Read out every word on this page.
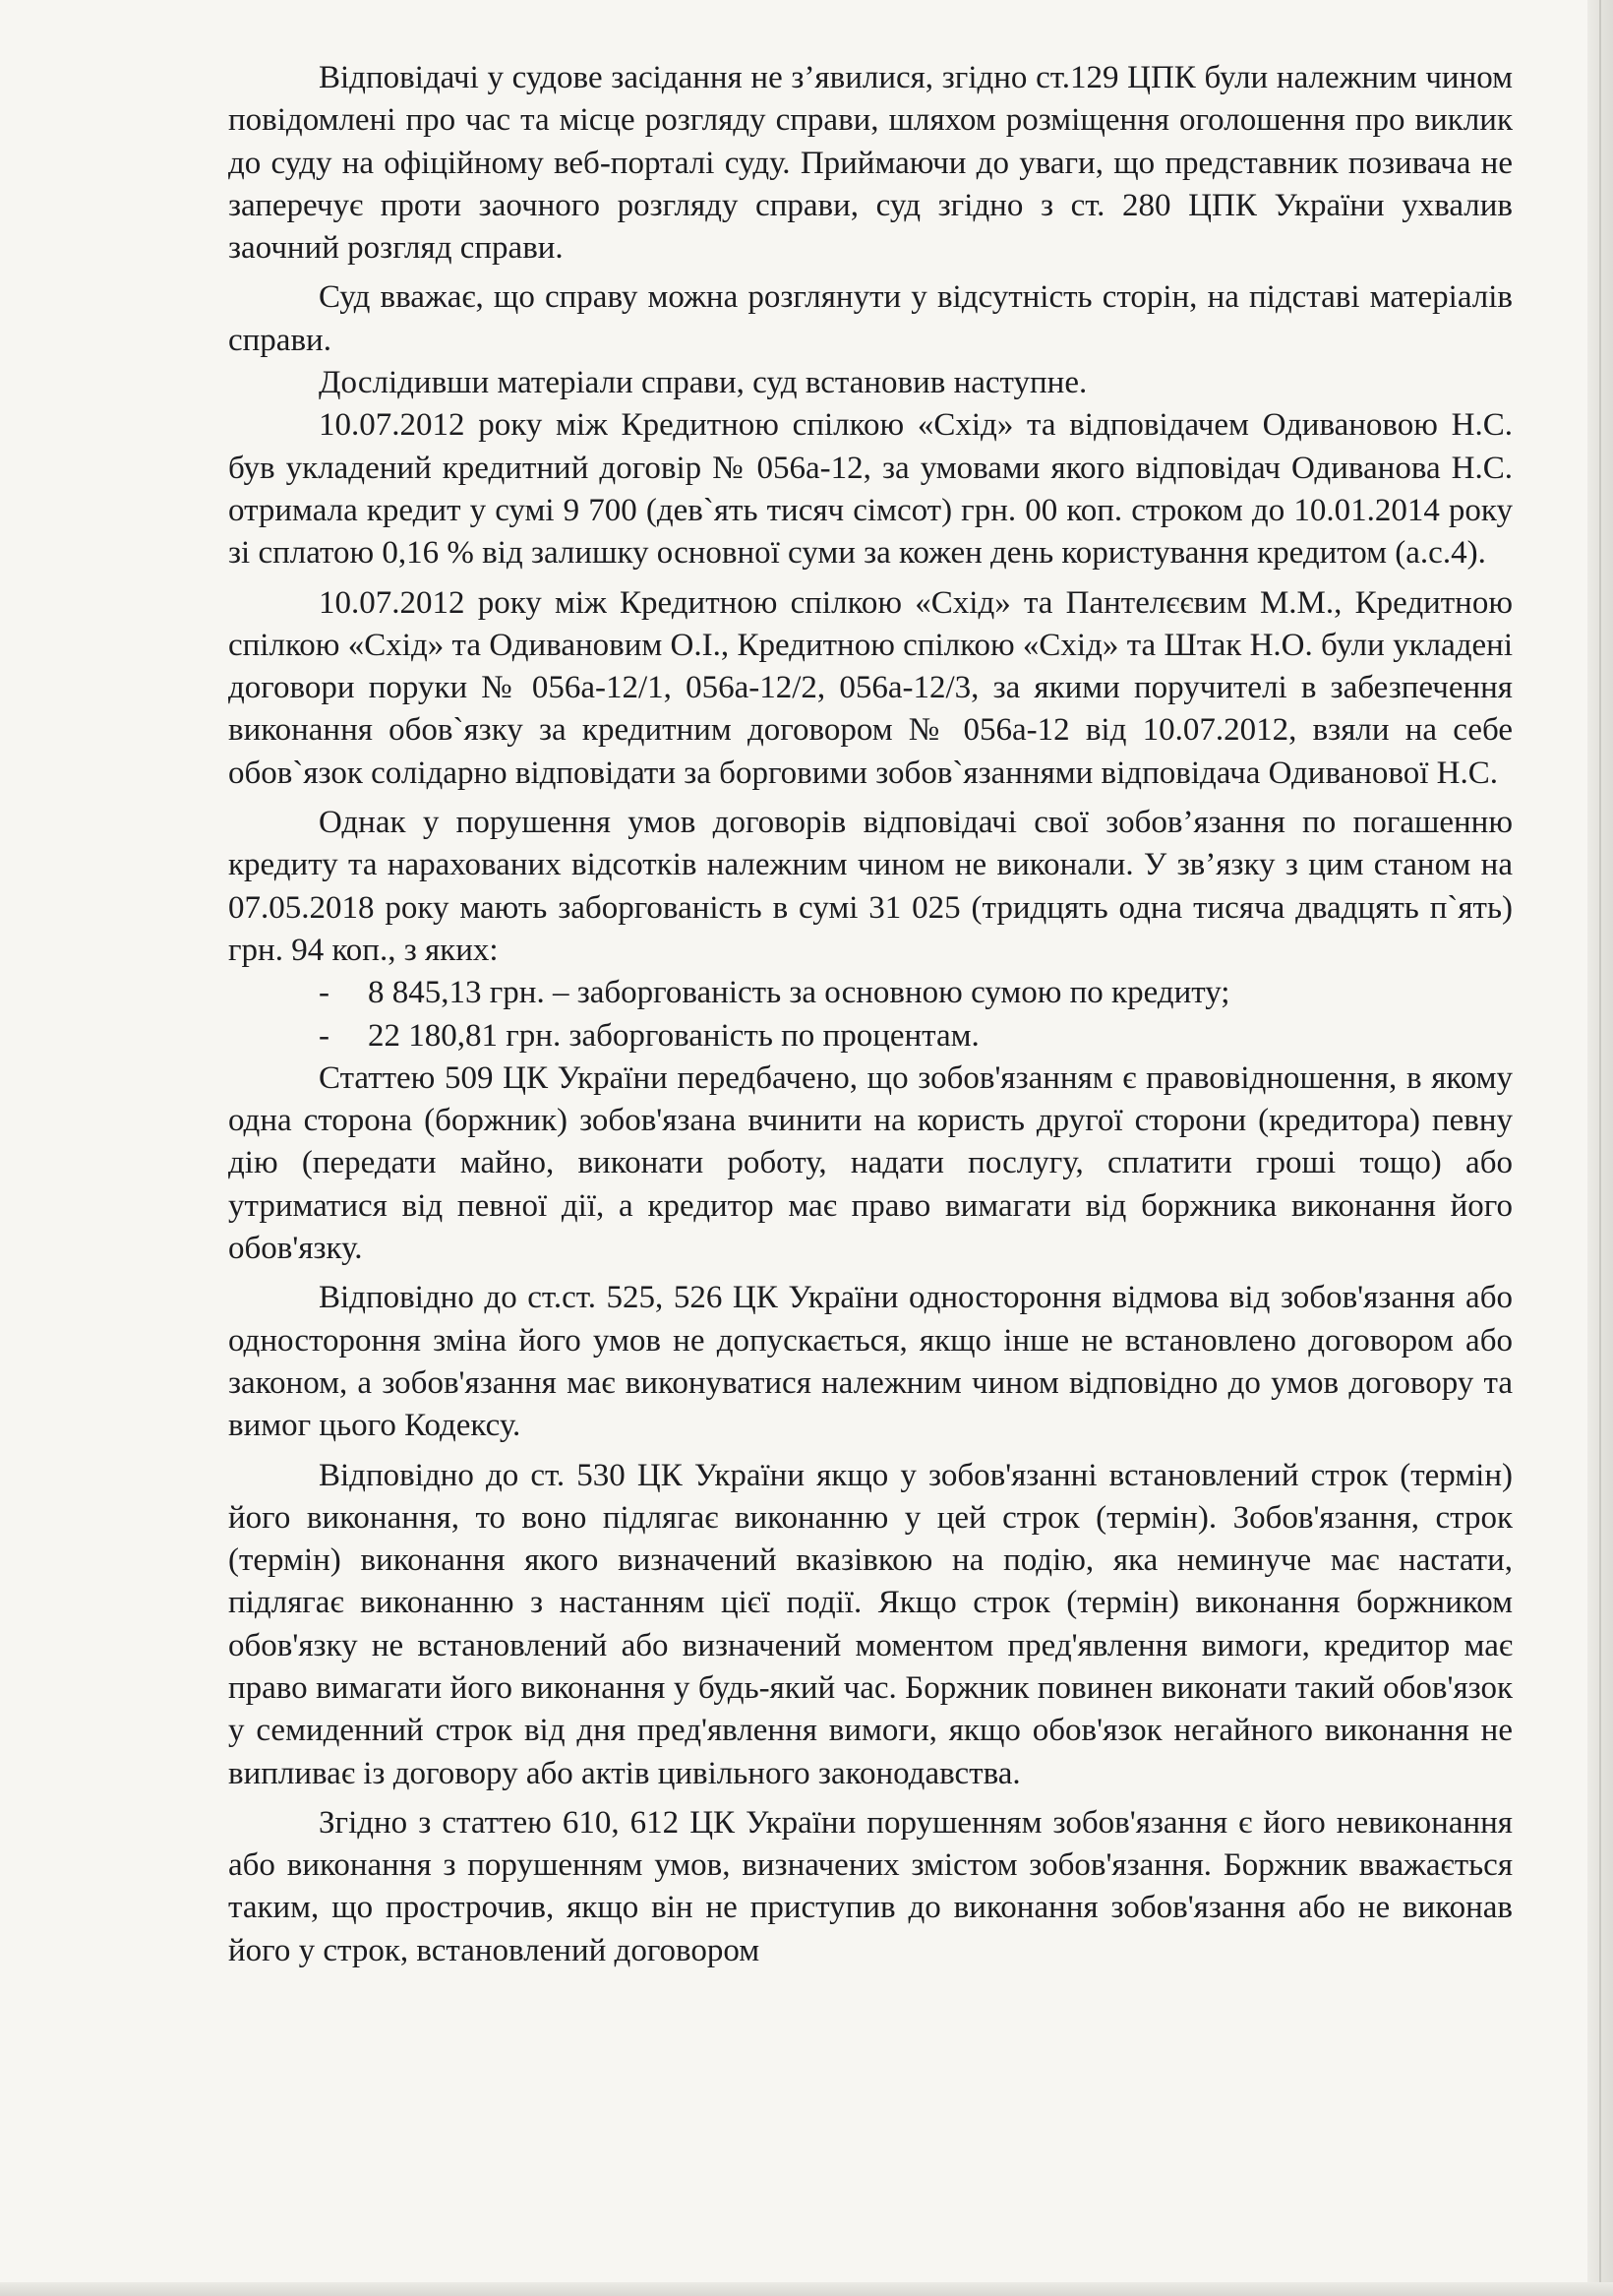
Відповідачі у судове засідання не з’явилися, згідно ст.129 ЦПК були належним чином повідомлені про час та місце розгляду справи, шляхом розміщення оголошення про виклик до суду на офіційному веб-порталі суду. Приймаючи до уваги, що представник позивача не заперечує проти заочного розгляду справи, суд згідно з ст. 280 ЦПК України ухвалив заочний розгляд справи.

Суд вважає, що справу можна розглянути у відсутність сторін, на підставі матеріалів справи.

Дослідивши матеріали справи, суд встановив наступне.

10.07.2012 року між Кредитною спілкою «Схід» та відповідачем Одивановою Н.С. був укладений кредитний договір № 056а-12, за умовами якого відповідач Одиванова Н.С. отримала кредит у сумі 9 700 (дев`ять тисяч сімсот) грн. 00 коп. строком до 10.01.2014 року зі сплатою 0,16 % від залишку основної суми за кожен день користування кредитом (а.с.4).

10.07.2012 року між Кредитною спілкою «Схід» та Пантелєєвим М.М., Кредитною спілкою «Схід» та Одивановим О.І., Кредитною спілкою «Схід» та Штак Н.О. були укладені договори поруки № 056а-12/1, 056а-12/2, 056а-12/3, за якими поручителі в забезпечення виконання обов`язку за кредитним договором № 056а-12 від 10.07.2012, взяли на себе обов`язок солідарно відповідати за борговими зобов`язаннями відповідача Одиванової Н.С.

Однак у порушення умов договорів відповідачі свої зобов’язання по погашенню кредиту та нарахованих відсотків належним чином не виконали. У зв’язку з цим станом на 07.05.2018 року мають заборгованість в сумі 31 025 (тридцять одна тисяча двадцять п`ять) грн. 94 коп., з яких:

- 8 845,13 грн. – заборгованість за основною сумою по кредиту;
- 22 180,81 грн. заборгованість по процентам.

Статтею 509 ЦК України передбачено, що зобов'язанням є правовідношення, в якому одна сторона (боржник) зобов'язана вчинити на користь другої сторони (кредитора) певну дію (передати майно, виконати роботу, надати послугу, сплатити гроші тощо) або утриматися від певної дії, а кредитор має право вимагати від боржника виконання його обов'язку.

Відповідно до ст.ст. 525, 526 ЦК України одностороння відмова від зобов'язання або одностороння зміна його умов не допускається, якщо інше не встановлено договором або законом, а зобов'язання має виконуватися належним чином відповідно до умов договору та вимог цього Кодексу.

Відповідно до ст. 530 ЦК України якщо у зобов'язанні встановлений строк (термін) його виконання, то воно підлягає виконанню у цей строк (термін). Зобов'язання, строк (термін) виконання якого визначений вказівкою на подію, яка неминуче має настати, підлягає виконанню з настанням цієї події. Якщо строк (термін) виконання боржником обов'язку не встановлений або визначений моментом пред'явлення вимоги, кредитор має право вимагати його виконання у будь-який час. Боржник повинен виконати такий обов'язок у семиденний строк від дня пред'явлення вимоги, якщо обов'язок негайного виконання не випливає із договору або актів цивільного законодавства.

Згідно з статтею 610, 612 ЦК України порушенням зобов'язання є його невиконання або виконання з порушенням умов, визначених змістом зобов'язання. Боржник вважається таким, що прострочив, якщо він не приступив до виконання зобов'язання або не виконав його у строк, встановлений договором
